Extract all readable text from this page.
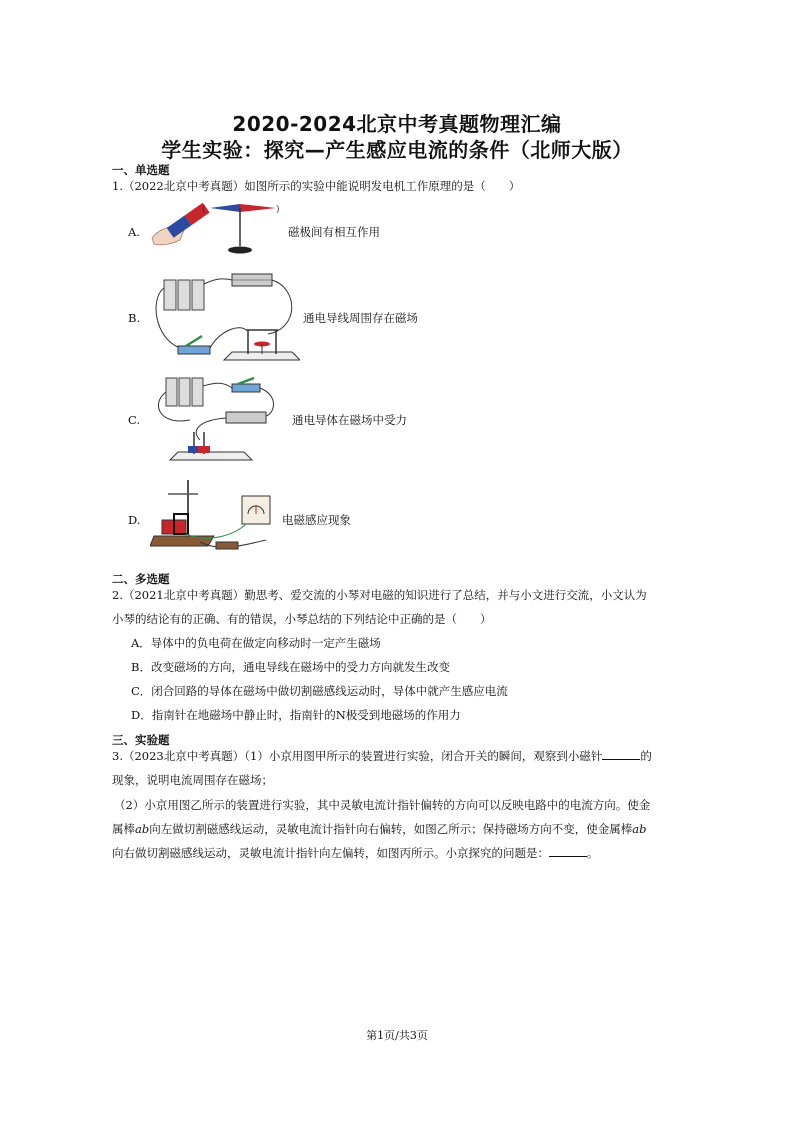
2020-2024北京中考真题物理汇编
学生实验：探究—产生感应电流的条件（北师大版）
一、单选题
1.（2022北京中考真题）如图所示的实验中能说明发电机工作原理的是（　　）
A.
(	)
磁极间有相互作用
B.	通电导线周围存在磁场
C.	通电导体在磁场中受力
D.	电磁感应现象
二、多选题
2.（2021北京中考真题）勤思考、爱交流的小琴对电磁的知识进行了总结，并与小文进行交流，小文认为
小琴的结论有的正确、有的错误，小琴总结的下列结论中正确的是（　　）
A．导体中的负电荷在做定向移动时一定产生磁场
B．改变磁场的方向，通电导线在磁场中的受力方向就发生改变
C．闭合回路的导体在磁场中做切割磁感线运动时，导体中就产生感应电流
D．指南针在地磁场中静止时，指南针的N极受到地磁场的作用力
三、实验题
3.（2023北京中考真题）（1）小京用图甲所示的装置进行实验，闭合开关的瞬间，观察到小磁针	的
现象，说明电流周围存在磁场；
（2）小京用图乙所示的装置进行实验，其中灵敏电流计指针偏转的方向可以反映电路中的电流方向。使金
属棒ab向左做切割磁感线运动，灵敏电流计指针向右偏转，如图乙所示；保持磁场方向不变，使金属棒ab
向右做切割磁感线运动，灵敏电流计指针向左偏转，如图丙所示。小京探究的问题是：	。
第1页/共3页
